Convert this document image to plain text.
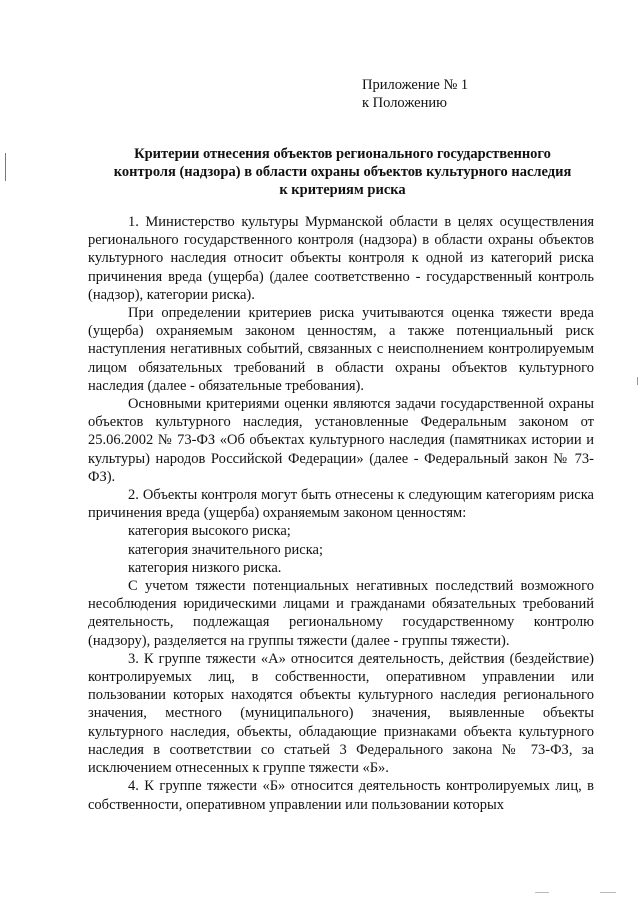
Приложение № 1
к Положению
Критерии отнесения объектов регионального государственного
контроля (надзора) в области охраны объектов культурного наследия
к критериям риска

1. Министерство культуры Мурманской области в целях осуществления регионального государственного контроля (надзора) в области охраны объектов культурного наследия относит объекты контроля к одной из категорий риска причинения вреда (ущерба) (далее соответственно - государственный контроль (надзор), категории риска).

При определении критериев риска учитываются оценка тяжести вреда (ущерба) охраняемым законом ценностям, а также потенциальный риск наступления негативных событий, связанных с неисполнением контролируемым лицом обязательных требований в области охраны объектов культурного наследия (далее - обязательные требования).

Основными критериями оценки являются задачи государственной охраны объектов культурного наследия, установленные Федеральным законом от 25.06.2002 № 73-ФЗ «Об объектах культурного наследия (памятниках истории и культуры) народов Российской Федерации» (далее - Федеральный закон № 73-ФЗ).

2. Объекты контроля могут быть отнесены к следующим категориям риска причинения вреда (ущерба) охраняемым законом ценностям:

категория высокого риска;

категория значительного риска;

категория низкого риска.

С учетом тяжести потенциальных негативных последствий возможного несоблюдения юридическими лицами и гражданами обязательных требований деятельность, подлежащая региональному государственному контролю (надзору), разделяется на группы тяжести (далее - группы тяжести).

3. К группе тяжести «А» относится деятельность, действия (бездействие) контролируемых лиц, в собственности, оперативном управлении или пользовании которых находятся объекты культурного наследия регионального значения, местного (муниципального) значения, выявленные объекты культурного наследия, объекты, обладающие признаками объекта культурного наследия в соответствии со статьей 3 Федерального закона № 73-ФЗ, за исключением отнесенных к группе тяжести «Б».

4. К группе тяжести «Б» относится деятельность контролируемых лиц, в собственности, оперативном управлении или пользовании которых
